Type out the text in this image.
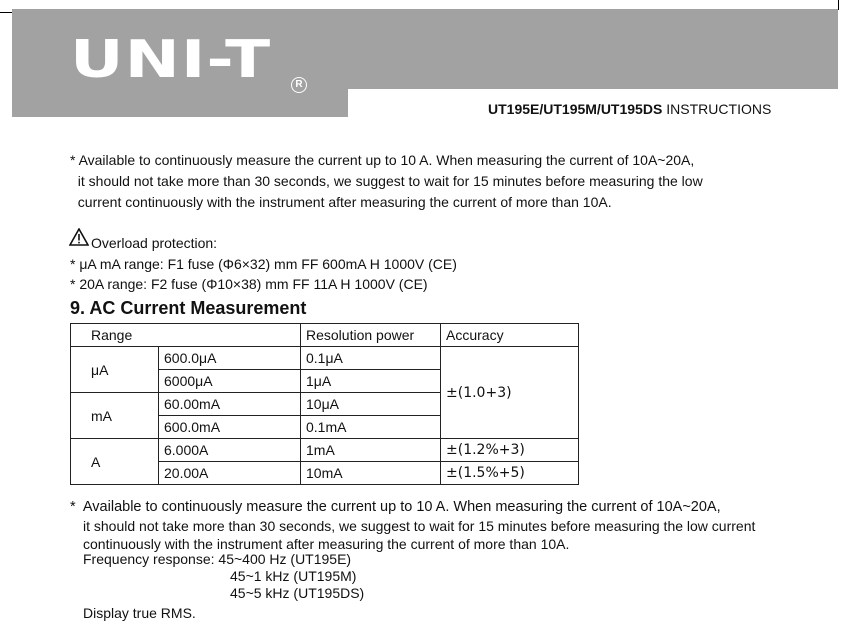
UNI-T	R
UT195E/UT195M/UT195DS INSTRUCTIONS
* Available to continuously measure the current up to 10 A. When measuring the current of 10A~20A,
it should not take more than 30 seconds, we suggest to wait for 15 minutes before measuring the low
current continuously with the instrument after measuring the current of more than 10A.
Overload protection:
* μA mA range: F1 fuse (Φ6×32) mm FF 600mA H 1000V (CE)
* 20A range: F2 fuse (Φ10×38) mm FF 11A H 1000V (CE)
9. AC Current Measurement
Range		Resolution power	Accuracy
μA	600.0μA	0.1μA	±(1.0+3)
	6000μA	1μA	
mA	60.00mA	10μA	
	600.0mA	0.1mA	
A	6.000A	1mA	±(1.2%+3)
	20.00A	10mA	±(1.5%+5)
*  Available to continuously measure the current up to 10 A. When measuring the current of 10A~20A,
it should not take more than 30 seconds, we suggest to wait for 15 minutes before measuring the low current
continuously with the instrument after measuring the current of more than 10A.
Frequency response: 45~400 Hz (UT195E)
45~1 kHz (UT195M)
45~5 kHz (UT195DS)
Display true RMS.
